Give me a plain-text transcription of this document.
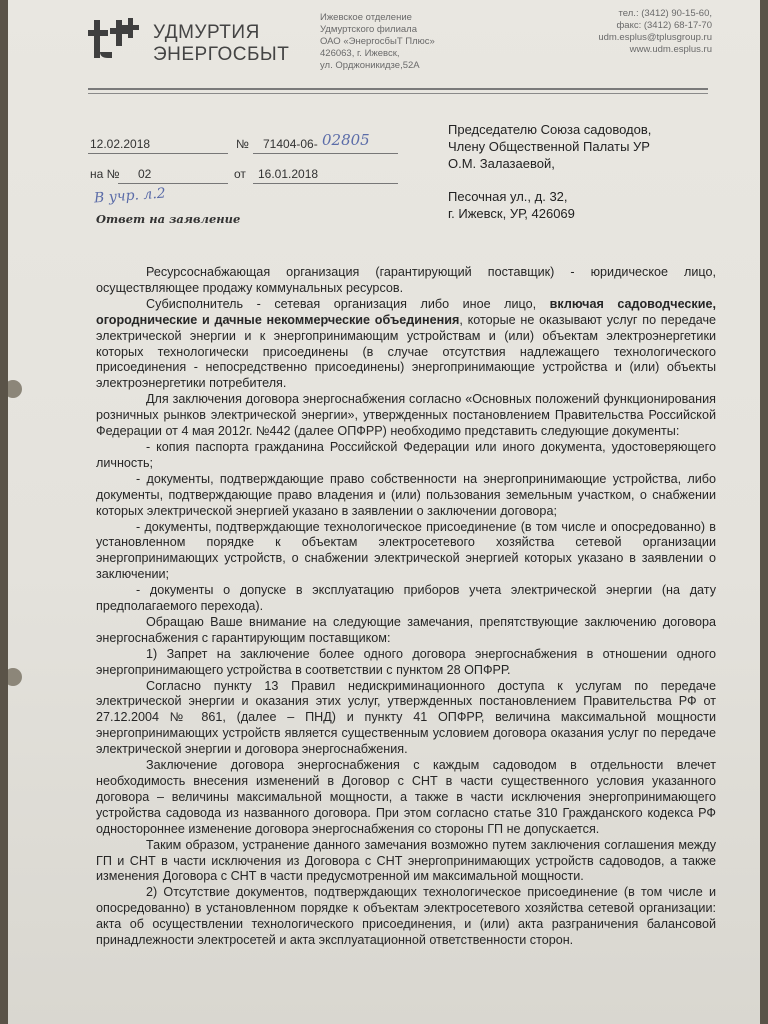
УДМУРТИЯ
ЭНЕРГОСБЫТ
Ижевское отделение
Удмуртского филиала
ОАО «ЭнергосбыТ Плюс»
426063, г. Ижевск,
ул. Орджоникидзе,52А
тел.: (3412) 90-15-60,
факс: (3412) 68-17-70
udm.esplus@tplusgroup.ru
www.udm.esplus.ru
12.02.2018	№ 71404-06- 02805
на № 02	от 16.01.2018
В учр. л.2
Ответ на заявление
Председателю Союза садоводов,
Члену Общественной Палаты УР
О.М. Залазаевой,
Песочная ул., д. 32,
г. Ижевск, УР, 426069

Ресурсоснабжающая организация (гарантирующий поставщик) - юридическое лицо, осуществляющее продажу коммунальных ресурсов.

Субисполнитель - сетевая организация либо иное лицо, включая садоводческие, огороднические и дачные некоммерческие объединения, которые не оказывают услуг по передаче электрической энергии и к энергопринимающим устройствам и (или) объектам электроэнергетики которых технологически присоединены (в случае отсутствия надлежащего технологического присоединения - непосредственно присоединены) энергопринимающие устройства и (или) объекты электроэнергетики потребителя.

Для заключения договора энергоснабжения согласно «Основных положений функционирования розничных рынков электрической энергии», утвержденных постановлением Правительства Российской Федерации от 4 мая 2012г. №442 (далее ОПФРР) необходимо представить следующие документы:

- копия паспорта гражданина Российской Федерации или иного документа, удостоверяющего личность;

- документы, подтверждающие право собственности на энергопринимающие устройства, либо документы, подтверждающие право владения и (или) пользования земельным участком, о снабжении которых электрической энергией указано в заявлении о заключении договора;

- документы, подтверждающие технологическое присоединение (в том числе и опосредованно) в установленном порядке к объектам электросетевого хозяйства сетевой организации энергопринимающих устройств, о снабжении электрической энергией которых указано в заявлении о заключении;

- документы о допуске в эксплуатацию приборов учета электрической энергии (на дату предполагаемого перехода).

Обращаю Ваше внимание на следующие замечания, препятствующие заключению договора энергоснабжения с гарантирующим поставщиком:

1) Запрет на заключение более одного договора энергоснабжения в отношении одного энергопринимающего устройства в соответствии с пунктом 28 ОПФРР.

Согласно пункту 13 Правил недискриминационного доступа к услугам по передаче электрической энергии и оказания этих услуг, утвержденных постановлением Правительства РФ от 27.12.2004 № 861, (далее – ПНД) и пункту 41 ОПФРР, величина максимальной мощности энергопринимающих устройств является существенным условием договора оказания услуг по передаче электрической энергии и договора энергоснабжения.

Заключение договора энергоснабжения с каждым садоводом в отдельности влечет необходимость внесения изменений в Договор с СНТ в части существенного условия указанного договора – величины максимальной мощности, а также в части исключения энергопринимающего устройства садовода из названного договора. При этом согласно статье 310 Гражданского кодекса РФ одностороннее изменение договора энергоснабжения со стороны ГП не допускается.

Таким образом, устранение данного замечания возможно путем заключения соглашения между ГП и СНТ в части исключения из Договора с СНТ энергопринимающих устройств садоводов, а также изменения Договора с СНТ в части предусмотренной им максимальной мощности.

2) Отсутствие документов, подтверждающих технологическое присоединение (в том числе и опосредованно) в установленном порядке к объектам электросетевого хозяйства сетевой организации: акта об осуществлении технологического присоединения, и (или) акта разграничения балансовой принадлежности электросетей и акта эксплуатационной ответственности сторон.
